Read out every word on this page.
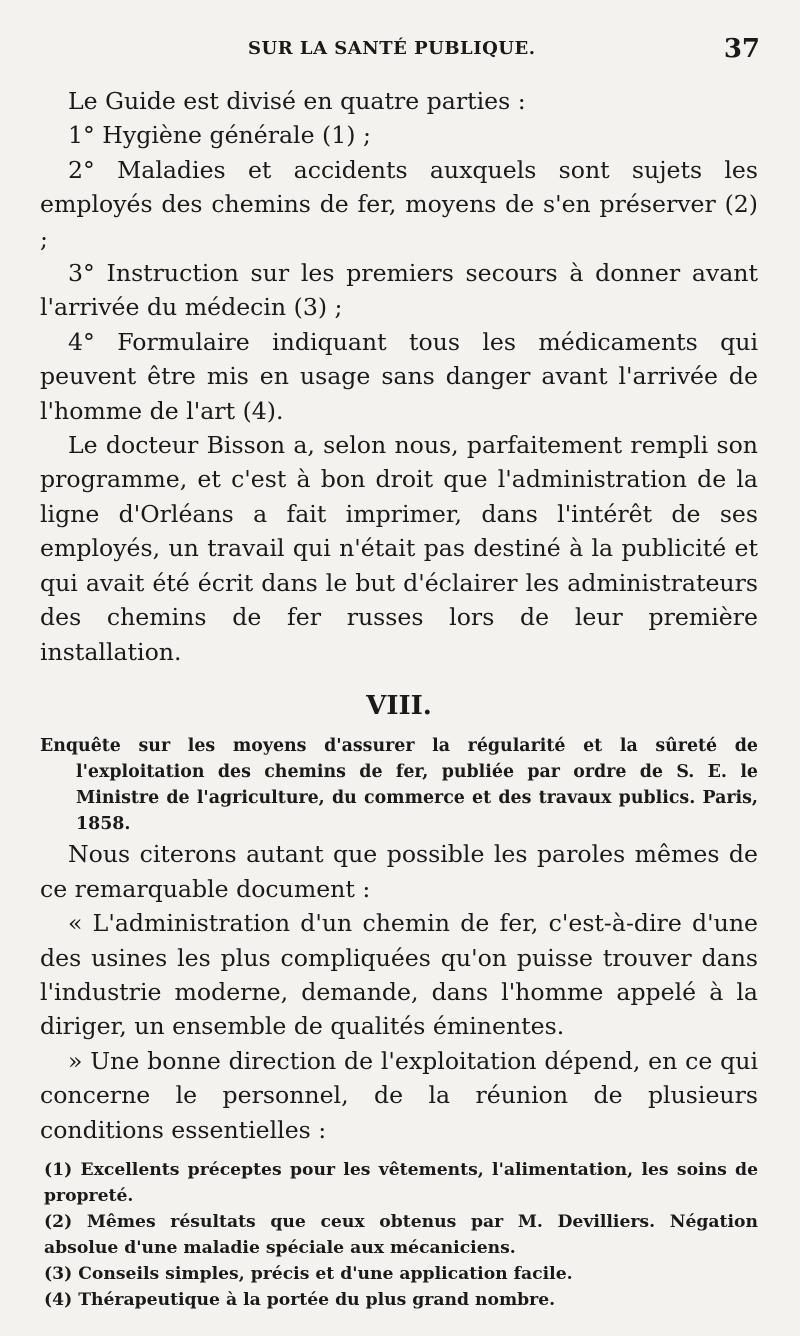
SUR LA SANTÉ PUBLIQUE.	37

Le Guide est divisé en quatre parties :

1° Hygiène générale (1) ;

2° Maladies et accidents auxquels sont sujets les employés des chemins de fer, moyens de s'en préserver (2) ;

3° Instruction sur les premiers secours à donner avant l'arrivée du médecin (3) ;

4° Formulaire indiquant tous les médicaments qui peuvent être mis en usage sans danger avant l'arrivée de l'homme de l'art (4).

Le docteur Bisson a, selon nous, parfaitement rempli son programme, et c'est à bon droit que l'administration de la ligne d'Orléans a fait imprimer, dans l'intérêt de ses employés, un travail qui n'était pas destiné à la publicité et qui avait été écrit dans le but d'éclairer les administrateurs des chemins de fer russes lors de leur première installation.

VIII.

Enquête sur les moyens d'assurer la régularité et la sûreté de l'exploitation des chemins de fer, publiée par ordre de S. E. le Ministre de l'agriculture, du commerce et des travaux publics. Paris, 1858.

Nous citerons autant que possible les paroles mêmes de ce remarquable document :

« L'administration d'un chemin de fer, c'est-à-dire d'une des usines les plus compliquées qu'on puisse trouver dans l'industrie moderne, demande, dans l'homme appelé à la diriger, un ensemble de qualités éminentes.

» Une bonne direction de l'exploitation dépend, en ce qui concerne le personnel, de la réunion de plusieurs conditions essentielles :

(1) Excellents préceptes pour les vêtements, l'alimentation, les soins de propreté.

(2) Mêmes résultats que ceux obtenus par M. Devilliers. Négation absolue d'une maladie spéciale aux mécaniciens.

(3) Conseils simples, précis et d'une application facile.

(4) Thérapeutique à la portée du plus grand nombre.
